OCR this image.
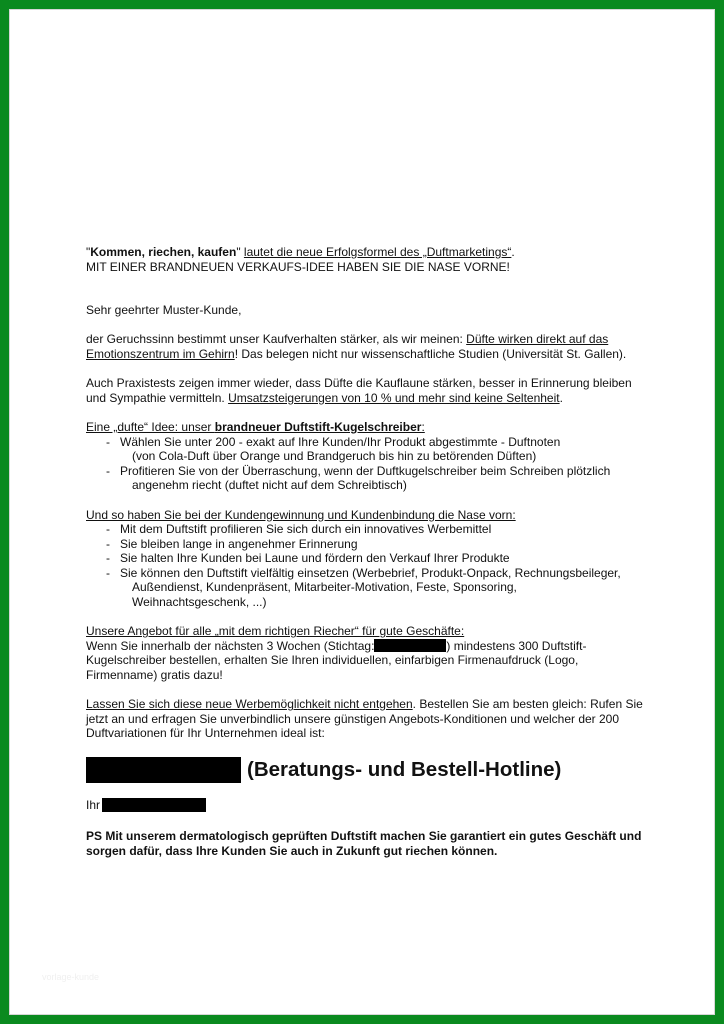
"Kommen, riechen, kaufen" lautet die neue Erfolgsformel des „Duftmarketings“.

MIT EINER BRANDNEUEN VERKAUFS-IDEE HABEN SIE DIE NASE VORNE!

Sehr geehrter Muster-Kunde,

der Geruchssinn bestimmt unser Kaufverhalten stärker, als wir meinen: Düfte wirken direkt auf das Emotionszentrum im Gehirn! Das belegen nicht nur wissenschaftliche Studien (Universität St. Gallen).

Auch Praxistests zeigen immer wieder, dass Düfte die Kauflaune stärken, besser in Erinnerung bleiben und Sympathie vermitteln. Umsatzsteigerungen von 10 % und mehr sind keine Seltenheit.

Eine „dufte“ Idee: unser brandneuer Duftstift-Kugelschreiber:

- Wählen Sie unter 200 - exakt auf Ihre Kunden/Ihr Produkt abgestimmte - Duftnoten
(von Cola-Duft über Orange und Brandgeruch bis hin zu betörenden Düften)
- Profitieren Sie von der Überraschung, wenn der Duftkugelschreiber beim Schreiben plötzlich
angenehm riecht (duftet nicht auf dem Schreibtisch)

Und so haben Sie bei der Kundengewinnung und Kundenbindung die Nase vorn:

- Mit dem Duftstift profilieren Sie sich durch ein innovatives Werbemittel
- Sie bleiben lange in angenehmer Erinnerung
- Sie halten Ihre Kunden bei Laune und fördern den Verkauf Ihrer Produkte
- Sie können den Duftstift vielfältig einsetzen (Werbebrief, Produkt-Onpack, Rechnungsbeileger,
Außendienst, Kundenpräsent, Mitarbeiter-Motivation, Feste, Sponsoring,
Weihnachtsgeschenk, ...)

Unsere Angebot für alle „mit dem richtigen Riecher“ für gute Geschäfte:

Wenn Sie innerhalb der nächsten 3 Wochen (Stichtag:	) mindestens 300 Duftstift-Kugelschreiber bestellen, erhalten Sie Ihren individuellen, einfarbigen Firmenaufdruck (Logo, Firmenname) gratis dazu!

Lassen Sie sich diese neue Werbemöglichkeit nicht entgehen. Bestellen Sie am besten gleich: Rufen Sie jetzt an und erfragen Sie unverbindlich unsere günstigen Angebots-Konditionen und welcher der 200 Duftvariationen für Ihr Unternehmen ideal ist:

(Beratungs- und Bestell-Hotline)
Ihr

PS Mit unserem dermatologisch geprüften Duftstift machen Sie garantiert ein gutes Geschäft und sorgen dafür, dass Ihre Kunden Sie auch in Zukunft gut riechen können.

vorlage-kunde
